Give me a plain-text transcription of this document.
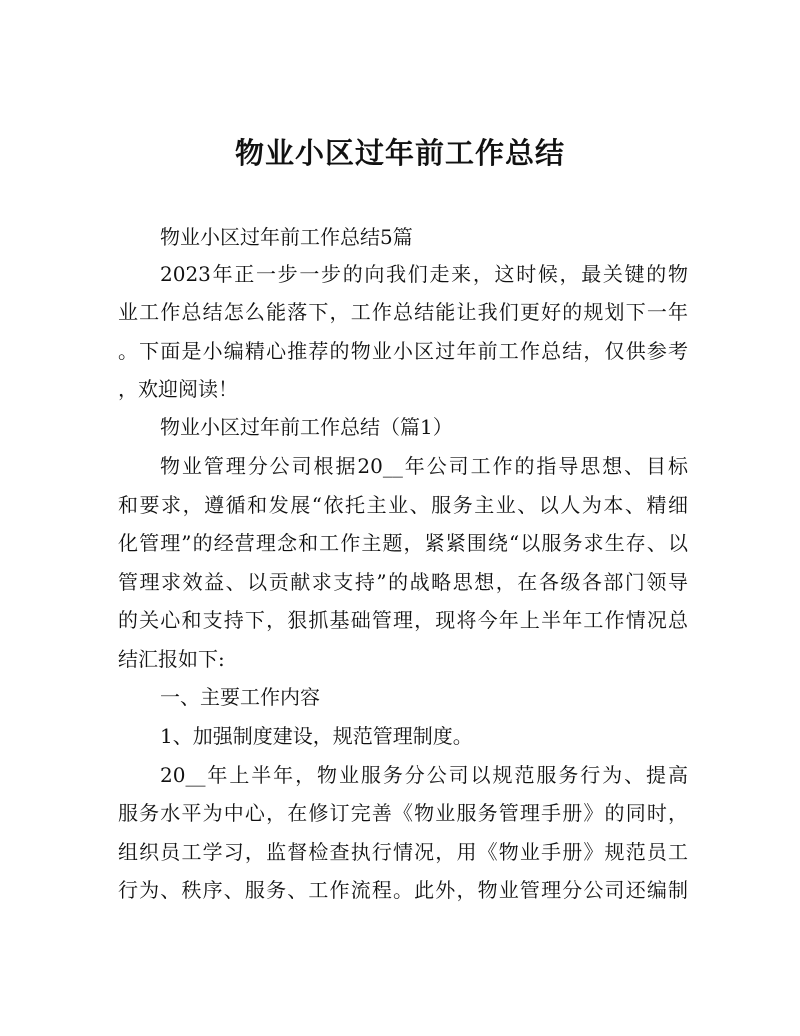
物业小区过年前工作总结

物业小区过年前工作总结5篇

2023年正一步一步的向我们走来，这时候，最关键的物

业工作总结怎么能落下，工作总结能让我们更好的规划下一年

。下面是小编精心推荐的物业小区过年前工作总结，仅供参考

，欢迎阅读！

物业小区过年前工作总结（篇1）

物业管理分公司根据20__年公司工作的指导思想、目标

和要求，遵循和发展“依托主业、服务主业、以人为本、精细

化管理”的经营理念和工作主题，紧紧围绕“以服务求生存、以

管理求效益、以贡献求支持”的战略思想，在各级各部门领导

的关心和支持下，狠抓基础管理，现将今年上半年工作情况总

结汇报如下:

一、主要工作内容

1、加强制度建设，规范管理制度。

20__年上半年，物业服务分公司以规范服务行为、提高

服务水平为中心，在修订完善《物业服务管理手册》的同时，

组织员工学习，监督检查执行情况，用《物业手册》规范员工

行为、秩序、服务、工作流程。此外，物业管理分公司还编制
